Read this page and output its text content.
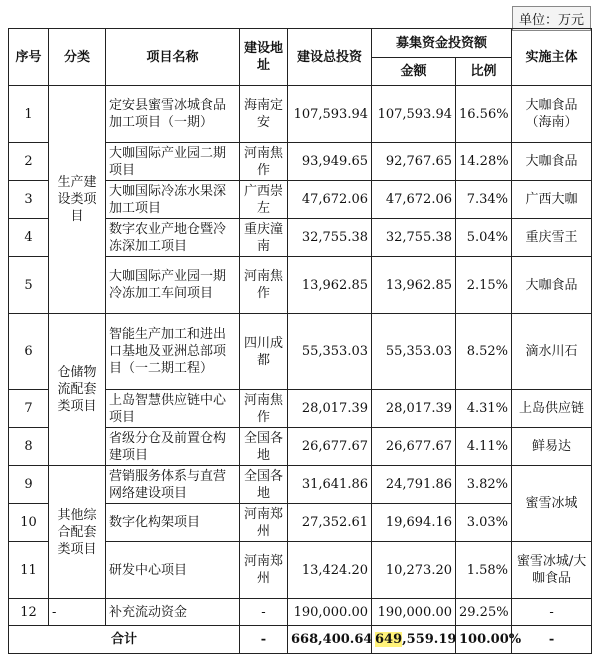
单位：万元
序号	分类	项目名称	建设地址	建设总投资	募集资金投资额		实施主体
					金额	比例	
1	生产建设类项目	定安县蜜雪冰城食品加工项目（一期）	海南定安	107,593.94	107,593.94	16.56%	大咖食品（海南）
2		大咖国际产业园二期项目	河南焦作	93,949.65	92,767.65	14.28%	大咖食品
3		大咖国际冷冻水果深加工项目	广西崇左	47,672.06	47,672.06	7.34%	广西大咖
4		数字农业产地仓暨冷冻深加工项目	重庆潼南	32,755.38	32,755.38	5.04%	重庆雪王
5		大咖国际产业园一期冷冻加工车间项目	河南焦作	13,962.85	13,962.85	2.15%	大咖食品
6	仓储物流配套类项目	智能生产加工和进出口基地及亚洲总部项目（一二期工程）	四川成都	55,353.03	55,353.03	8.52%	滴水川石
7		上岛智慧供应链中心项目	河南焦作	28,017.39	28,017.39	4.31%	上岛供应链
8		省级分仓及前置仓构建项目	全国各地	26,677.67	26,677.67	4.11%	鲜易达
9	其他综合配套类项目	营销服务体系与直营网络建设项目	全国各地	31,641.86	24,791.86	3.82%	蜜雪冰城
10		数字化构架项目	河南郑州	27,352.61	19,694.16	3.03%	
11		研发中心项目	河南郑州	13,424.20	10,273.20	1.58%	蜜雪冰城/大咖食品
12	-	补充流动资金	-	190,000.00	190,000.00	29.25%	-
合计			-	668,400.64	649,559.19	100.00%	-
